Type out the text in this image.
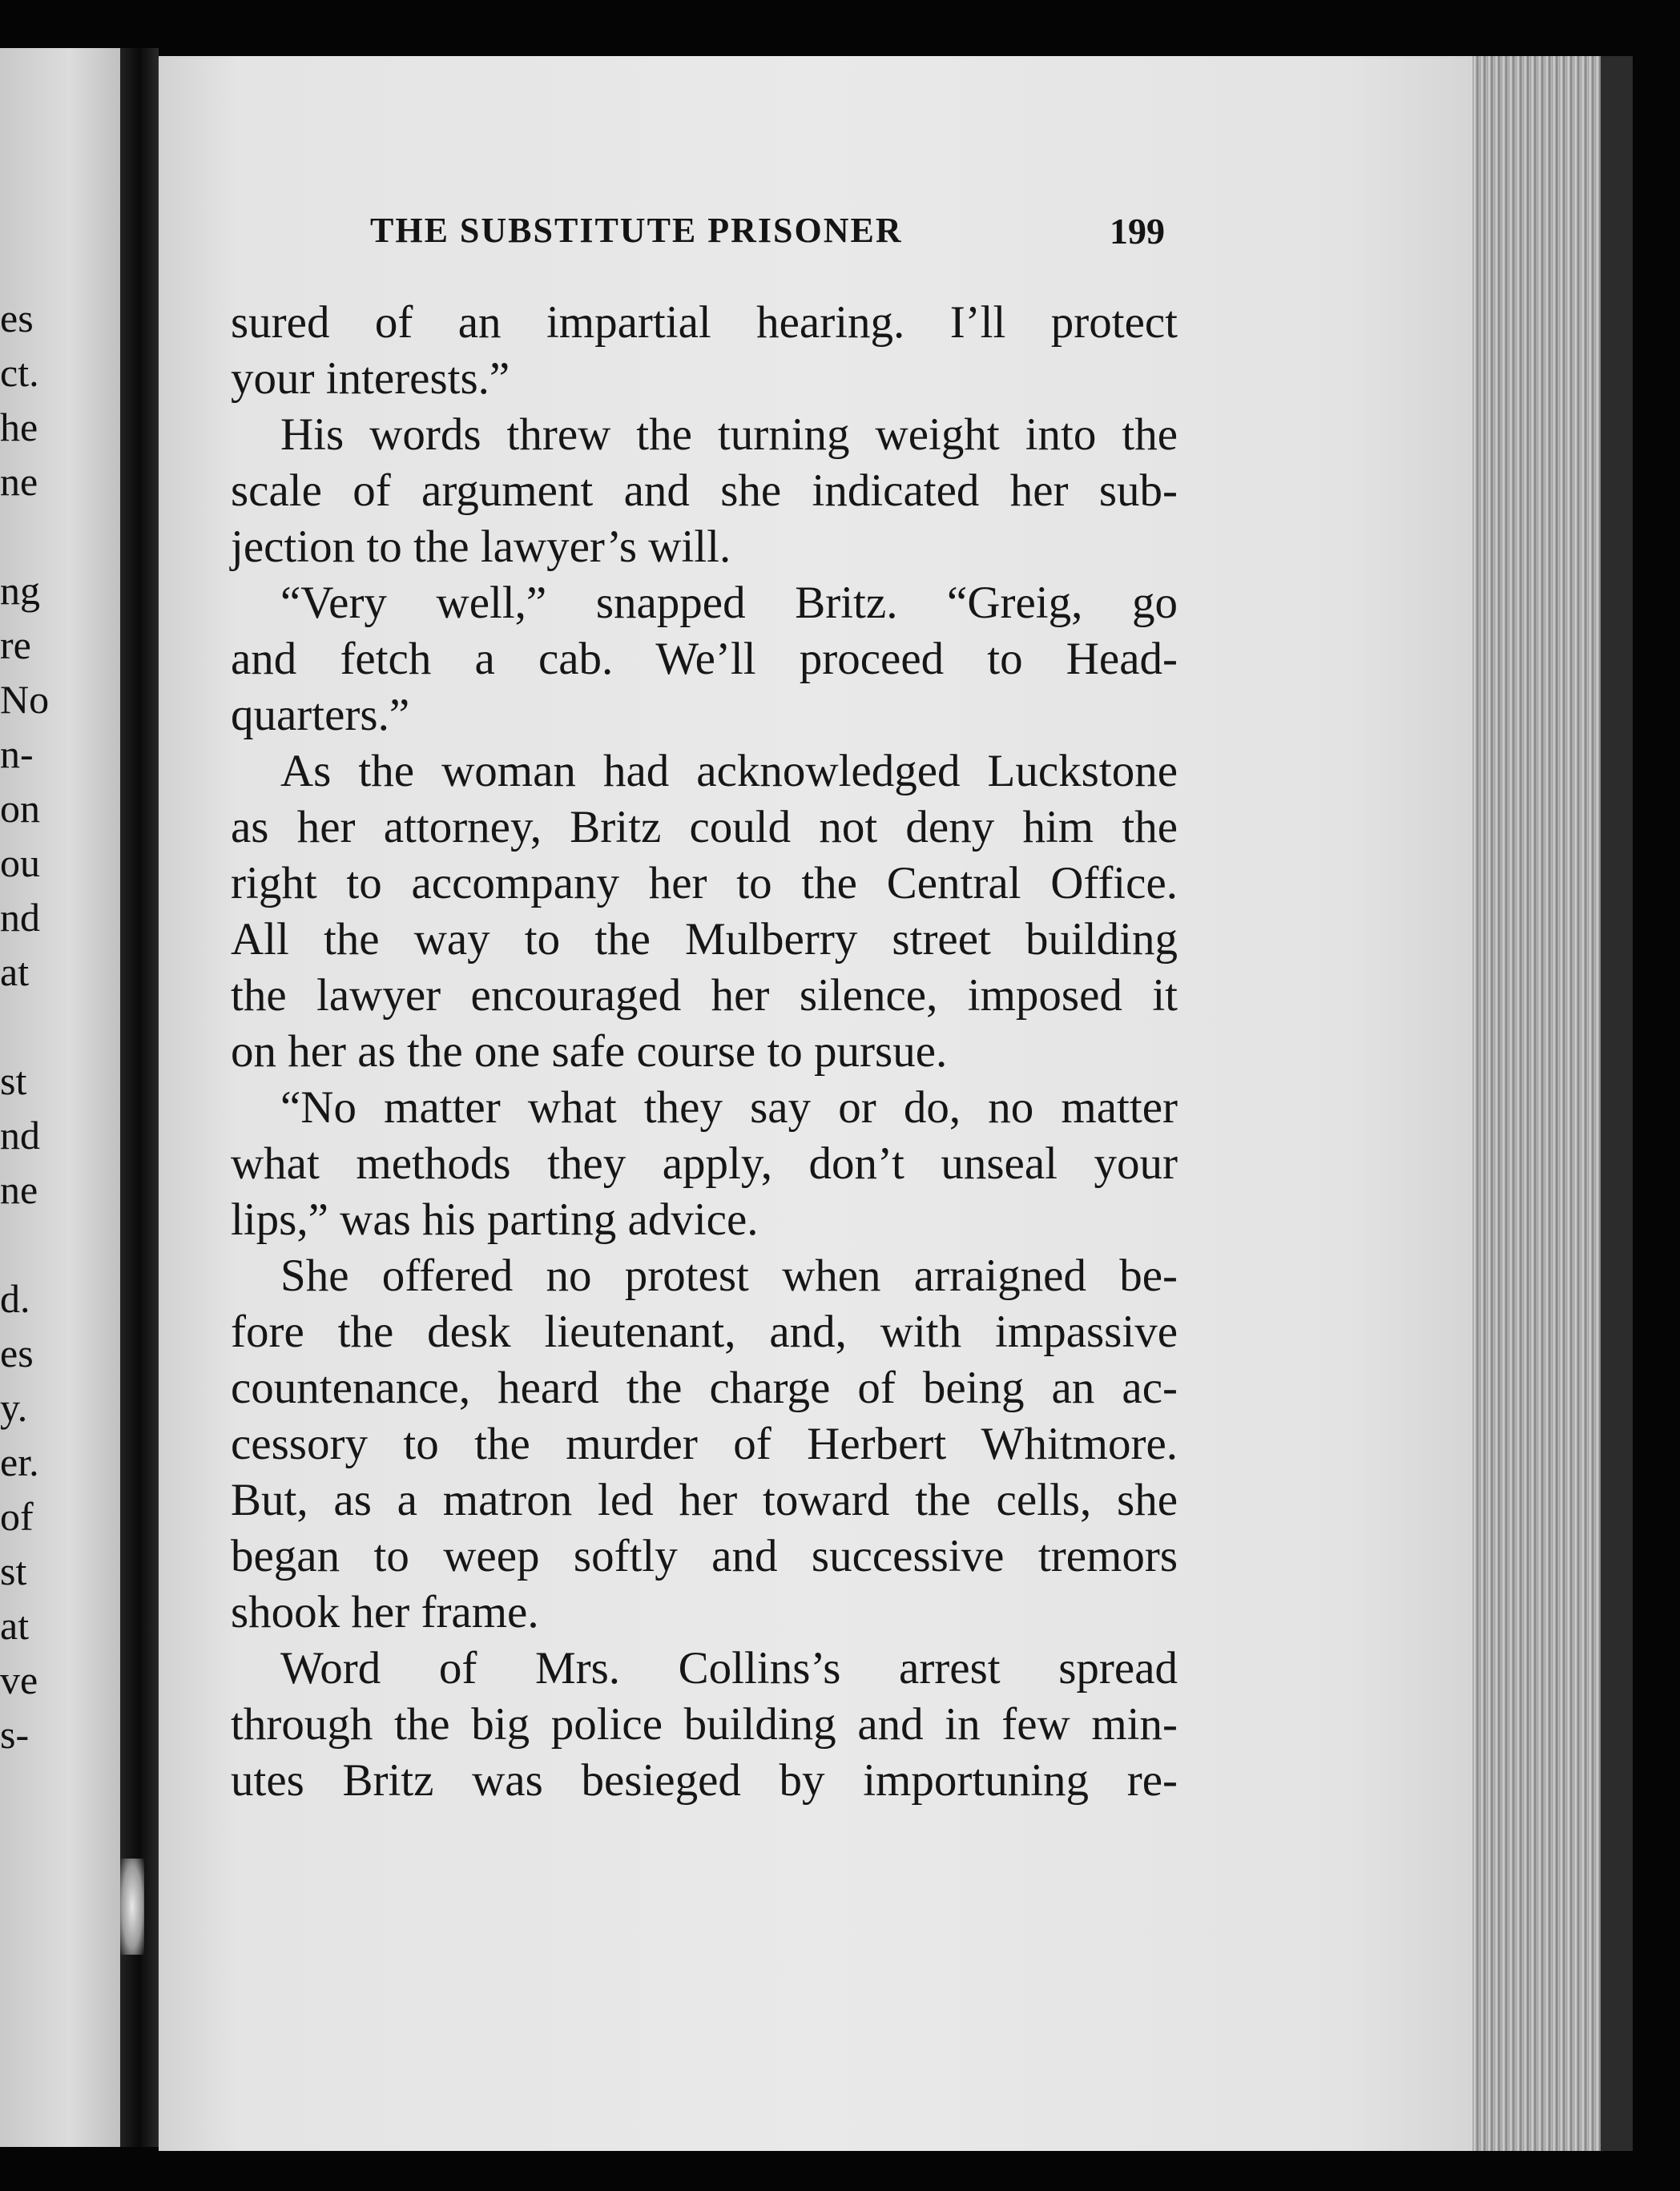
es
ct.
he
ne
ng
re
No
n-
on
ou
nd
at
st
nd
ne
d.
es
y.
er.
of
st
at
ve
s-
THE SUBSTITUTE PRISONER	199
sured of an impartial hearing. I’ll protect
your interests.”
His words threw the turning weight into the
scale of argument and she indicated her sub-
jection to the lawyer’s will.
“Very well,” snapped Britz. “Greig, go
and fetch a cab. We’ll proceed to Head-
quarters.”
As the woman had acknowledged Luckstone
as her attorney, Britz could not deny him the
right to accompany her to the Central Office.
All the way to the Mulberry street building
the lawyer encouraged her silence, imposed it
on her as the one safe course to pursue.
“No matter what they say or do, no matter
what methods they apply, don’t unseal your
lips,” was his parting advice.
She offered no protest when arraigned be-
fore the desk lieutenant, and, with impassive
countenance, heard the charge of being an ac-
cessory to the murder of Herbert Whitmore.
But, as a matron led her toward the cells, she
began to weep softly and successive tremors
shook her frame.
Word of Mrs. Collins’s arrest spread
through the big police building and in few min-
utes Britz was besieged by importuning re-
